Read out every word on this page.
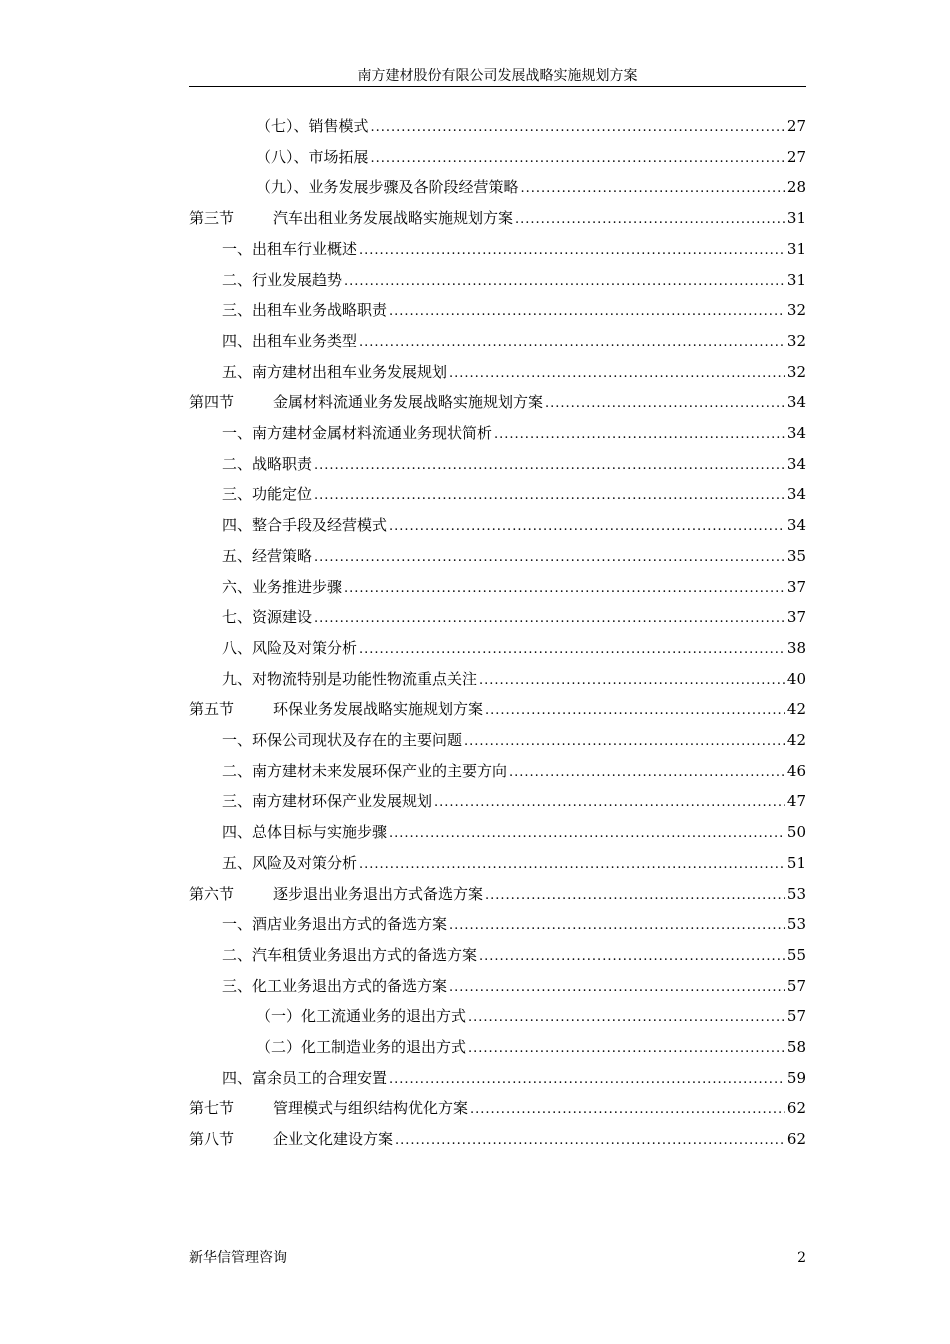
南方建材股份有限公司发展战略实施规划方案
（七）、销售模式 .....	27
（八）、市场拓展 .....	27
（九）、业务发展步骤及各阶段经营策略 .....	28
第三节	汽车出租业务发展战略实施规划方案 .....	31
一、出租车行业概述 .....	31
二、行业发展趋势 .....	31
三、出租车业务战略职责 .....	32
四、出租车业务类型 .....	32
五、南方建材出租车业务发展规划 .....	32
第四节	金属材料流通业务发展战略实施规划方案 .....	34
一、南方建材金属材料流通业务现状简析 .....	34
二、战略职责 .....	34
三、功能定位 .....	34
四、整合手段及经营模式 .....	34
五、经营策略 .....	35
六、业务推进步骤 .....	37
七、资源建设 .....	37
八、风险及对策分析 .....	38
九、对物流特别是功能性物流重点关注 .....	40
第五节	环保业务发展战略实施规划方案 .....	42
一、环保公司现状及存在的主要问题 .....	42
二、南方建材未来发展环保产业的主要方向 .....	46
三、南方建材环保产业发展规划 .....	47
四、总体目标与实施步骤 .....	50
五、风险及对策分析 .....	51
第六节	逐步退出业务退出方式备选方案 .....	53
一、酒店业务退出方式的备选方案 .....	53
二、汽车租赁业务退出方式的备选方案 .....	55
三、化工业务退出方式的备选方案 .....	57
（一）化工流通业务的退出方式 .....	57
（二）化工制造业务的退出方式 .....	58
四、富余员工的合理安置 .....	59
第七节	管理模式与组织结构优化方案 .....	62
第八节	企业文化建设方案 .....	62
新华信管理咨询	2
